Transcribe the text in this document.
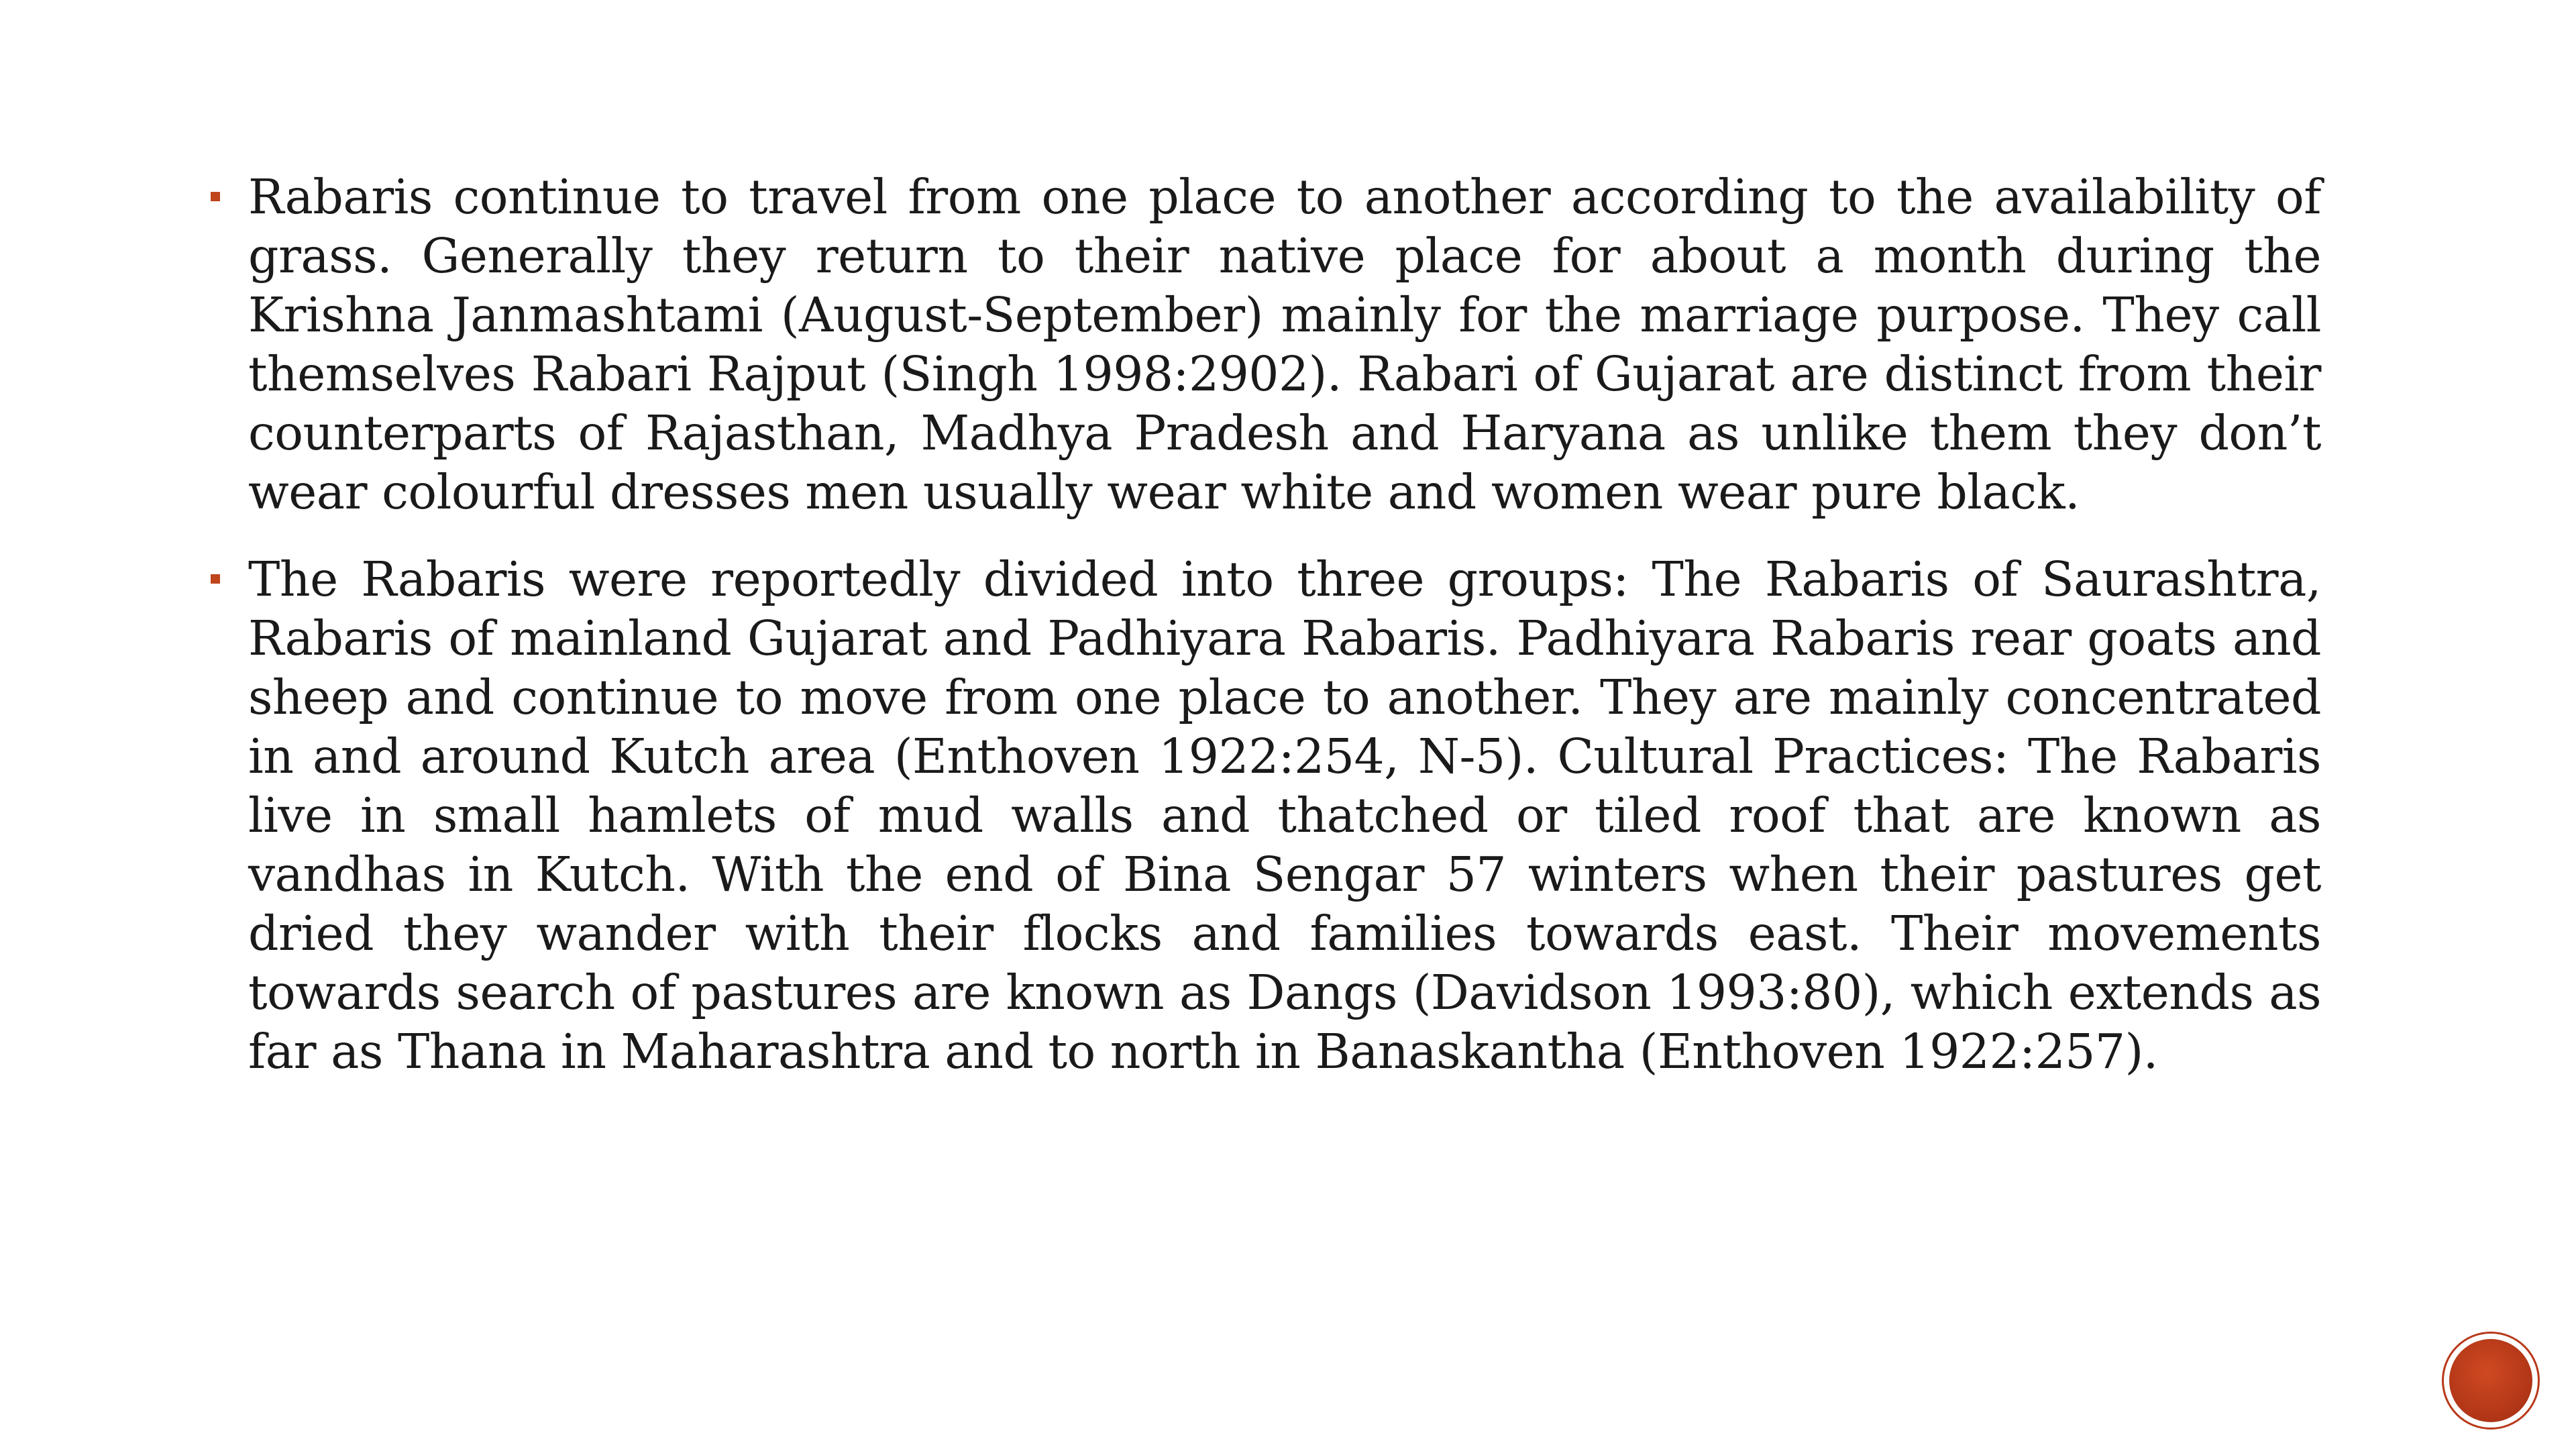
Rabaris continue to travel from one place to another according to the availability of grass. Generally they return to their native place for about a month during the Krishna Janmashtami (August-September) mainly for the marriage purpose. They call themselves Rabari Rajput (Singh 1998:2902). Rabari of Gujarat are distinct from their counterparts of Rajasthan, Madhya Pradesh and Haryana as unlike them they don’t wear colourful dresses men usually wear white and women wear pure black.
The Rabaris were reportedly divided into three groups: The Rabaris of Saurashtra, Rabaris of mainland Gujarat and Padhiyara Rabaris. Padhiyara Rabaris rear goats and sheep and continue to move from one place to another. They are mainly concentrated in and around Kutch area (Enthoven 1922:254, N-5). Cultural Practices: The Rabaris live in small hamlets of mud walls and thatched or tiled roof that are known as vandhas in Kutch. With the end of Bina Sengar 57 winters when their pastures get dried they wander with their flocks and families towards east. Their movements towards search of pastures are known as Dangs (Davidson 1993:80), which extends as far as Thana in Maharashtra and to north in Banaskantha (Enthoven 1922:257).
